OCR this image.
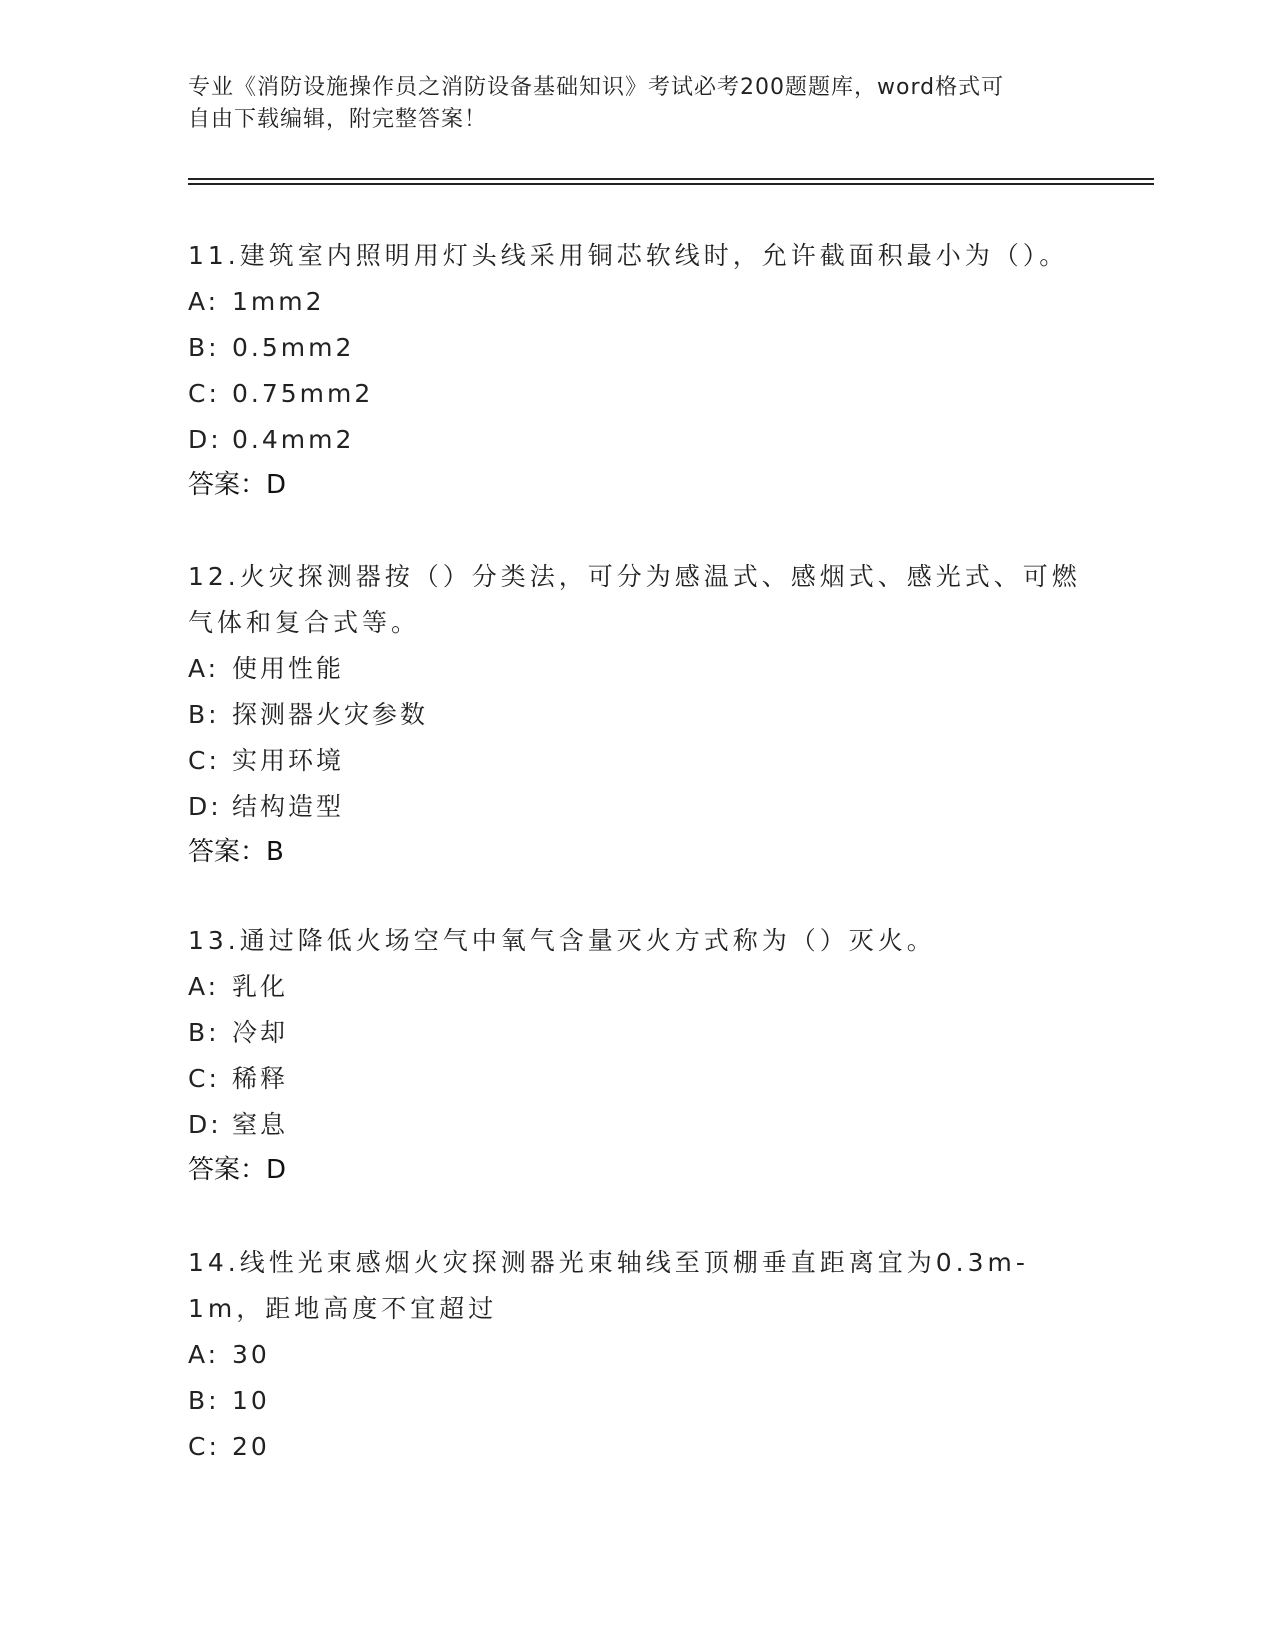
专业《消防设施操作员之消防设备基础知识》考试必考200题题库，word格式可
自由下载编辑，附完整答案！

11.建筑室内照明用灯头线采用铜芯软线时，允许截面积最小为（）。

A: 1mm2
B: 0.5mm2
C: 0.75mm2
D: 0.4mm2
答案：D

12.火灾探测器按（）分类法，可分为感温式、感烟式、感光式、可燃气体和复合式等。

A: 使用性能
B: 探测器火灾参数
C: 实用环境
D: 结构造型
答案：B

13.通过降低火场空气中氧气含量灭火方式称为（）灭火。

A: 乳化
B: 冷却
C: 稀释
D: 窒息
答案：D

14.线性光束感烟火灾探测器光束轴线至顶棚垂直距离宜为0.3m-1m，距地高度不宜超过

A: 30
B: 10
C: 20
